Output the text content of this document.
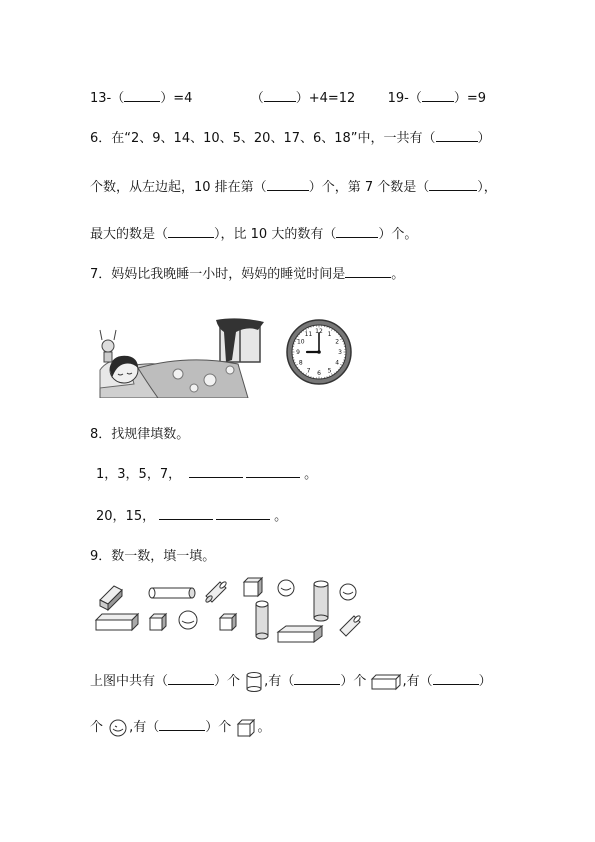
13-（	）=4	（ ）+4=12 19-（ ）=9
6．在“2、9、14、10、5、20、17、6、18”中，一共有（	）
个数，从左边起，10 排在第（	）个，第 7 个数是（	），
最大的数是（	），比 10 大的数有（	）个。
7．妈妈比我晚睡一小时，妈妈的睡觉时间是	。
12 1
2
3
4
5
6
7
8
9
10
11
8．找规律填数。
1，3，5，7，	。
20，15，	。
9．数一数，填一填。
上图中共有（	）个 ,有（	）个	,有（	）
个 ,有（	）个 。
